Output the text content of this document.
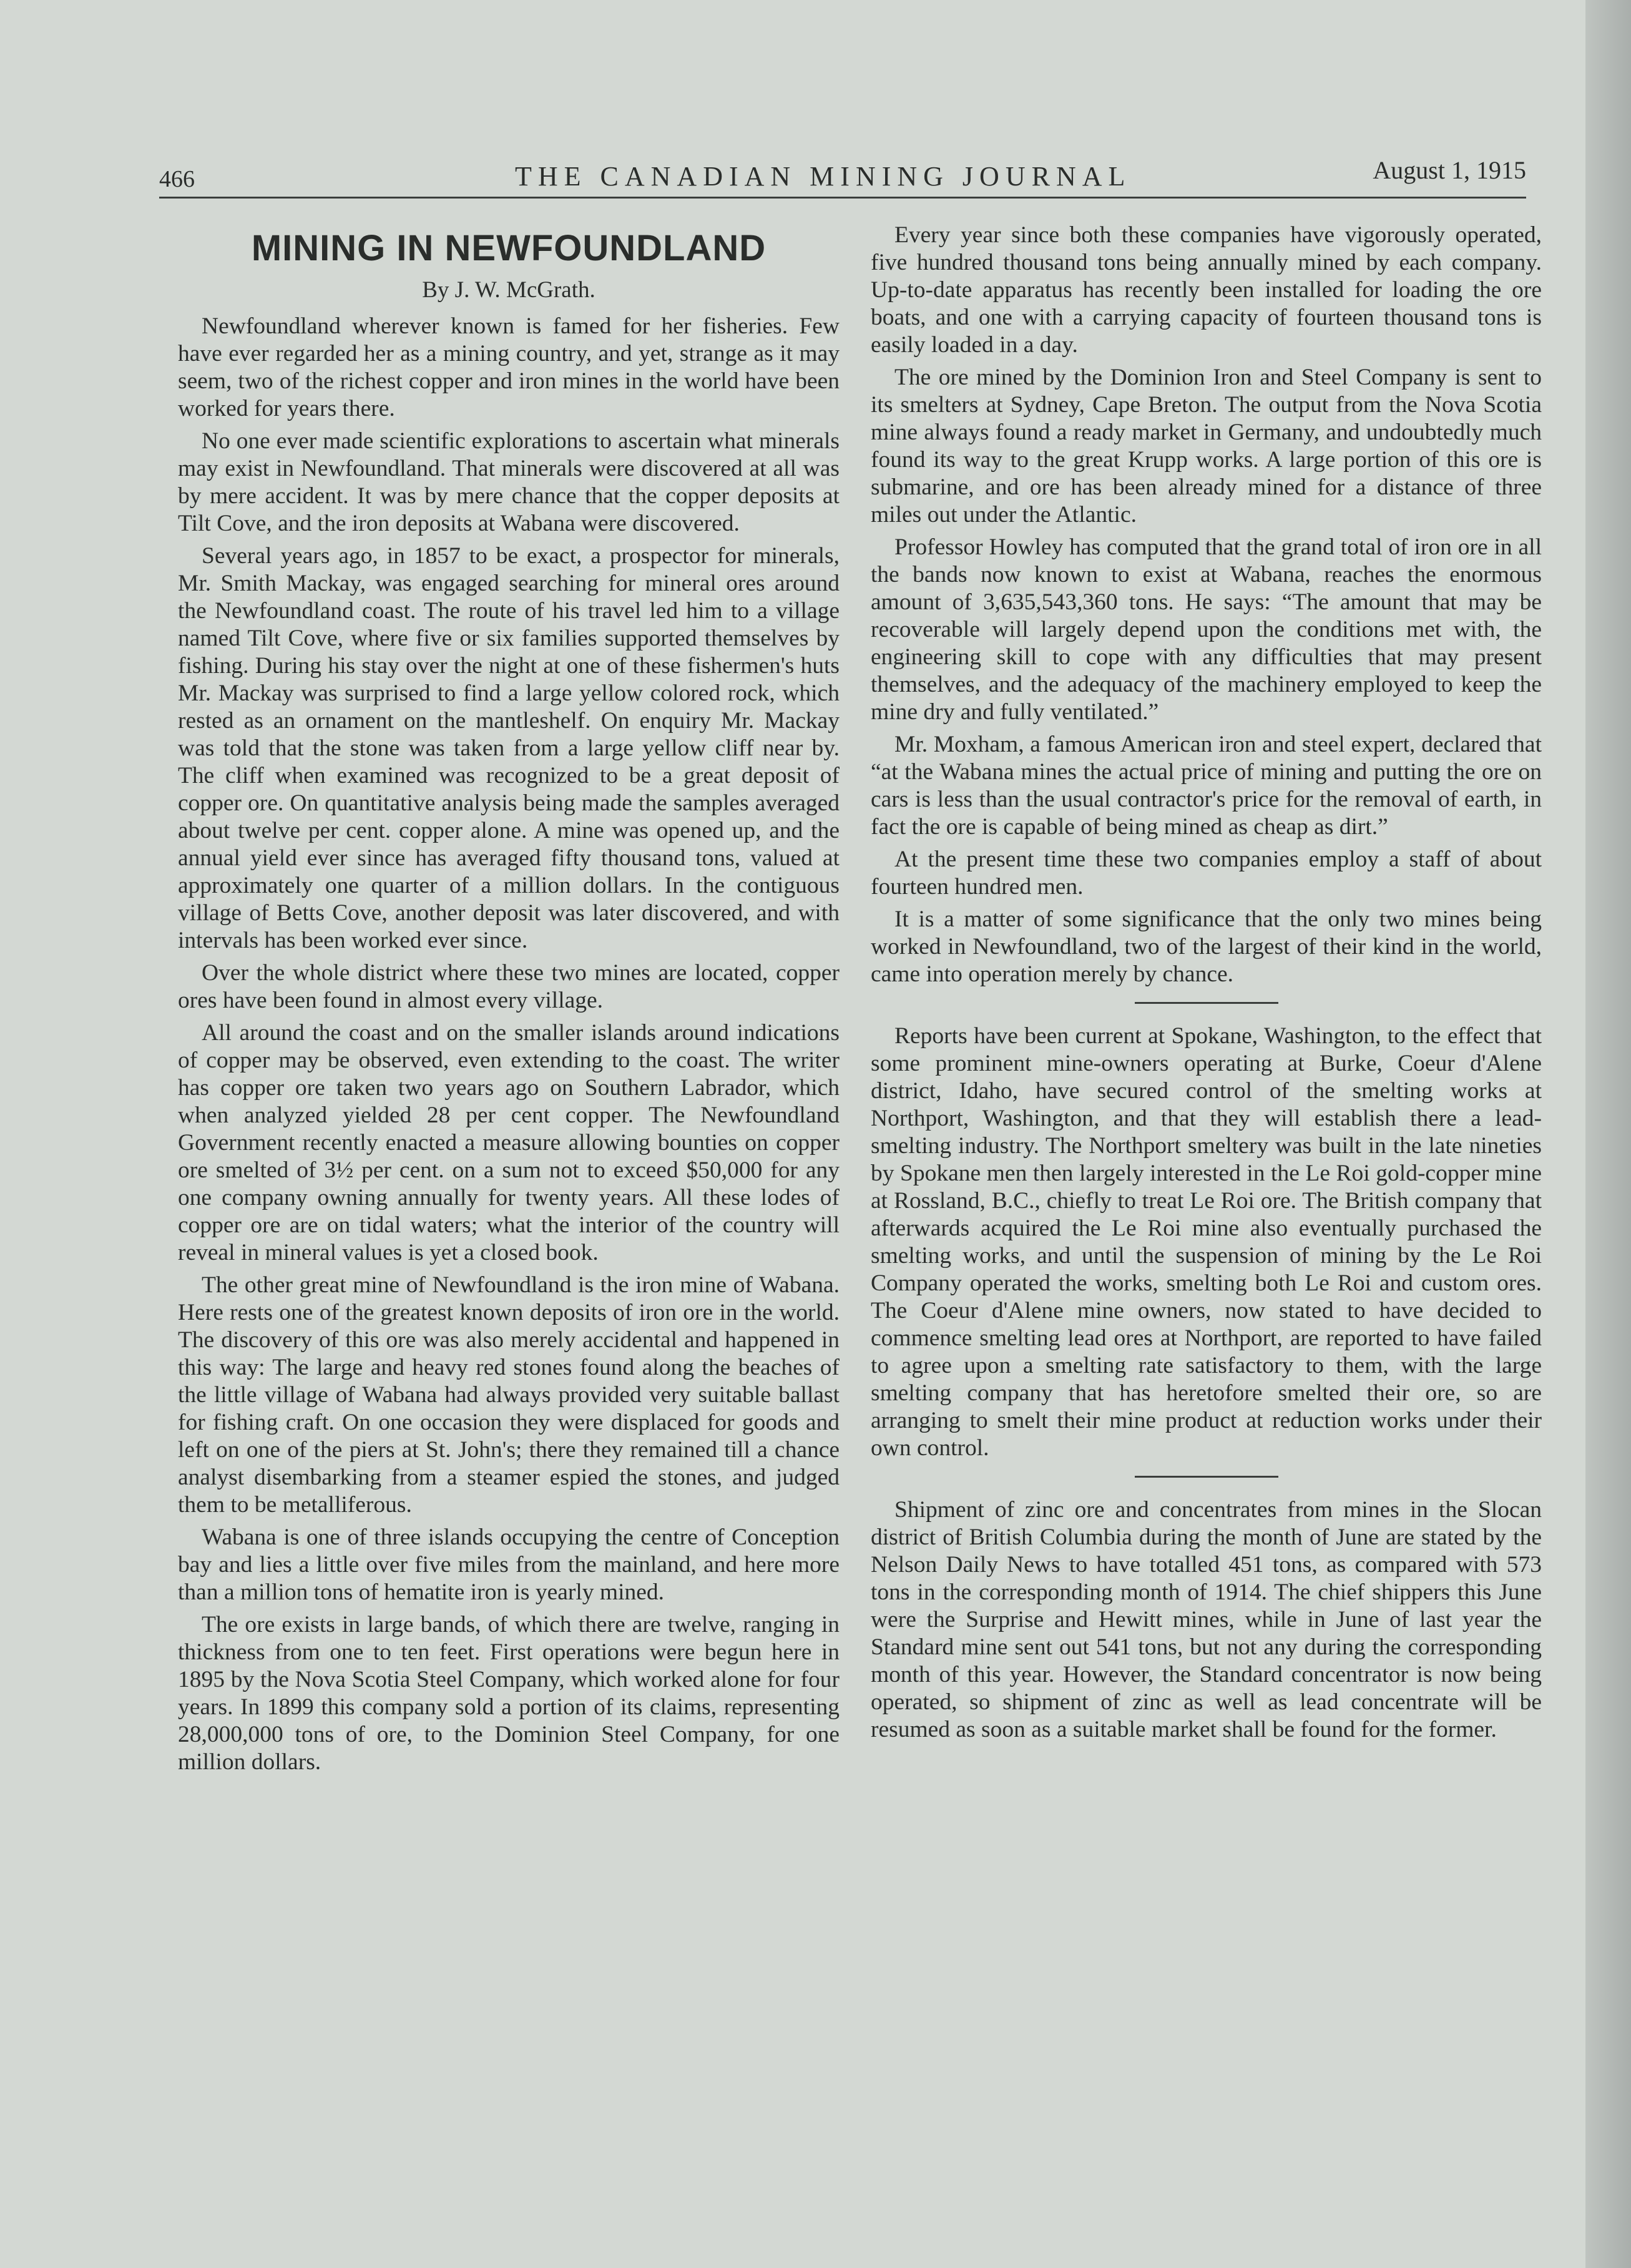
466	THE CANADIAN MINING JOURNAL	August 1, 1915
MINING IN NEWFOUNDLAND
By J. W. McGrath.

Newfoundland wherever known is famed for her fisheries. Few have ever regarded her as a mining country, and yet, strange as it may seem, two of the richest copper and iron mines in the world have been worked for years there.

No one ever made scientific explorations to ascertain what minerals may exist in Newfoundland. That minerals were discovered at all was by mere accident. It was by mere chance that the copper deposits at Tilt Cove, and the iron deposits at Wabana were discovered.

Several years ago, in 1857 to be exact, a prospector for minerals, Mr. Smith Mackay, was engaged searching for mineral ores around the Newfoundland coast. The route of his travel led him to a village named Tilt Cove, where five or six families supported themselves by fishing. During his stay over the night at one of these fishermen's huts Mr. Mackay was surprised to find a large yellow colored rock, which rested as an ornament on the mantleshelf. On enquiry Mr. Mackay was told that the stone was taken from a large yellow cliff near by. The cliff when examined was recognized to be a great deposit of copper ore. On quantitative analysis being made the samples averaged about twelve per cent. copper alone. A mine was opened up, and the annual yield ever since has averaged fifty thousand tons, valued at approximately one quarter of a million dollars. In the contiguous village of Betts Cove, another deposit was later discovered, and with intervals has been worked ever since.

Over the whole district where these two mines are located, copper ores have been found in almost every village.

All around the coast and on the smaller islands around indications of copper may be observed, even extending to the coast. The writer has copper ore taken two years ago on Southern Labrador, which when analyzed yielded 28 per cent copper. The Newfoundland Government recently enacted a measure allowing bounties on copper ore smelted of 3½ per cent. on a sum not to exceed $50,000 for any one company owning annually for twenty years. All these lodes of copper ore are on tidal waters; what the interior of the country will reveal in mineral values is yet a closed book.

The other great mine of Newfoundland is the iron mine of Wabana. Here rests one of the greatest known deposits of iron ore in the world. The discovery of this ore was also merely accidental and happened in this way: The large and heavy red stones found along the beaches of the little village of Wabana had always provided very suitable ballast for fishing craft. On one occasion they were displaced for goods and left on one of the piers at St. John's; there they remained till a chance analyst disembarking from a steamer espied the stones, and judged them to be metalliferous.

Wabana is one of three islands occupying the centre of Conception bay and lies a little over five miles from the mainland, and here more than a million tons of hematite iron is yearly mined.

The ore exists in large bands, of which there are twelve, ranging in thickness from one to ten feet. First operations were begun here in 1895 by the Nova Scotia Steel Company, which worked alone for four years. In 1899 this company sold a portion of its claims, representing 28,000,000 tons of ore, to the Dominion Steel Company, for one million dollars.

Every year since both these companies have vigorously operated, five hundred thousand tons being annually mined by each company. Up-to-date apparatus has recently been installed for loading the ore boats, and one with a carrying capacity of fourteen thousand tons is easily loaded in a day.

The ore mined by the Dominion Iron and Steel Company is sent to its smelters at Sydney, Cape Breton. The output from the Nova Scotia mine always found a ready market in Germany, and undoubtedly much found its way to the great Krupp works. A large portion of this ore is submarine, and ore has been already mined for a distance of three miles out under the Atlantic.

Professor Howley has computed that the grand total of iron ore in all the bands now known to exist at Wabana, reaches the enormous amount of 3,635,543,360 tons. He says: “The amount that may be recoverable will largely depend upon the conditions met with, the engineering skill to cope with any difficulties that may present themselves, and the adequacy of the machinery employed to keep the mine dry and fully ventilated.”

Mr. Moxham, a famous American iron and steel expert, declared that “at the Wabana mines the actual price of mining and putting the ore on cars is less than the usual contractor's price for the removal of earth, in fact the ore is capable of being mined as cheap as dirt.”

At the present time these two companies employ a staff of about fourteen hundred men.

It is a matter of some significance that the only two mines being worked in Newfoundland, two of the largest of their kind in the world, came into operation merely by chance.

Reports have been current at Spokane, Washington, to the effect that some prominent mine-owners operating at Burke, Coeur d'Alene district, Idaho, have secured control of the smelting works at Northport, Washington, and that they will establish there a lead-smelting industry. The Northport smeltery was built in the late nineties by Spokane men then largely interested in the Le Roi gold-copper mine at Rossland, B.C., chiefly to treat Le Roi ore. The British company that afterwards acquired the Le Roi mine also eventually purchased the smelting works, and until the suspension of mining by the Le Roi Company operated the works, smelting both Le Roi and custom ores. The Coeur d'Alene mine owners, now stated to have decided to commence smelting lead ores at Northport, are reported to have failed to agree upon a smelting rate satisfactory to them, with the large smelting company that has heretofore smelted their ore, so are arranging to smelt their mine product at reduction works under their own control.

Shipment of zinc ore and concentrates from mines in the Slocan district of British Columbia during the month of June are stated by the Nelson Daily News to have totalled 451 tons, as compared with 573 tons in the corresponding month of 1914. The chief shippers this June were the Surprise and Hewitt mines, while in June of last year the Standard mine sent out 541 tons, but not any during the corresponding month of this year. However, the Standard concentrator is now being operated, so shipment of zinc as well as lead concentrate will be resumed as soon as a suitable market shall be found for the former.
